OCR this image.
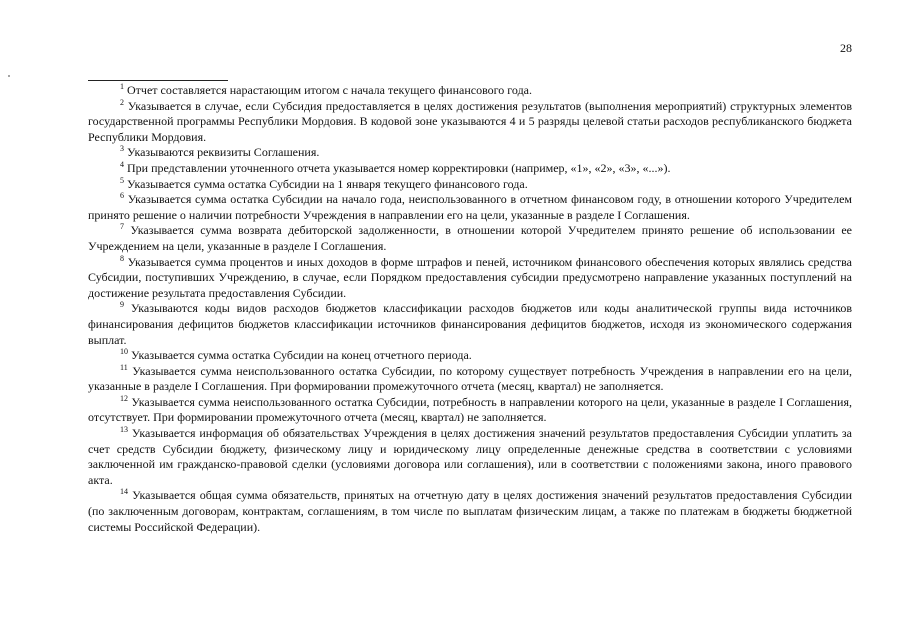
28

$^1$ Отчет составляется нарастающим итогом с начала текущего финансового года.

$^2$ Указывается в случае, если Субсидия предоставляется в целях достижения результатов (выполнения мероприятий) структурных элементов государственной программы Республики Мордовия. В кодовой зоне указываются 4 и 5 разряды целевой статьи расходов республиканского бюджета Республики Мордовия.

$^3$ Указываются реквизиты Соглашения.

$^4$ При представлении уточненного отчета указывается номер корректировки (например, «1», «2», «3», «...»).

$^5$ Указывается сумма остатка Субсидии на 1 января текущего финансового года.

$^6$ Указывается сумма остатка Субсидии на начало года, неиспользованного в отчетном финансовом году, в отношении которого Учредителем принято решение о наличии потребности Учреждения в направлении его на цели, указанные в разделе I Соглашения.

$^7$ Указывается сумма возврата дебиторской задолженности, в отношении которой Учредителем принято решение об использовании ее Учреждением на цели, указанные в разделе I Соглашения.

$^8$ Указывается сумма процентов и иных доходов в форме штрафов и пеней, источником финансового обеспечения которых являлись средства Субсидии, поступивших Учреждению, в случае, если Порядком предоставления субсидии предусмотрено направление указанных поступлений на достижение результата предоставления Субсидии.

$^9$ Указываются коды видов расходов бюджетов классификации расходов бюджетов или коды аналитической группы вида источников финансирования дефицитов бюджетов классификации источников финансирования дефицитов бюджетов, исходя из экономического содержания выплат.

$^{10}$ Указывается сумма остатка Субсидии на конец отчетного периода.

$^{11}$ Указывается сумма неиспользованного остатка Субсидии, по которому существует потребность Учреждения в направлении его на цели, указанные в разделе I Соглашения. При формировании промежуточного отчета (месяц, квартал) не заполняется.

$^{12}$ Указывается сумма неиспользованного остатка Субсидии, потребность в направлении которого на цели, указанные в разделе I Соглашения, отсутствует. При формировании промежуточного отчета (месяц, квартал) не заполняется.

$^{13}$ Указывается информация об обязательствах Учреждения в целях достижения значений результатов предоставления Субсидии уплатить за счет средств Субсидии бюджету, физическому лицу и юридическому лицу определенные денежные средства в соответствии с условиями заключенной им гражданско-правовой сделки (условиями договора или соглашения), или в соответствии с положениями закона, иного правового акта.

$^{14}$ Указывается общая сумма обязательств, принятых на отчетную дату в целях достижения значений результатов предоставления Субсидии (по заключенным договорам, контрактам, соглашениям, в том числе по выплатам физическим лицам, а также по платежам в бюджеты бюджетной системы Российской Федерации).
